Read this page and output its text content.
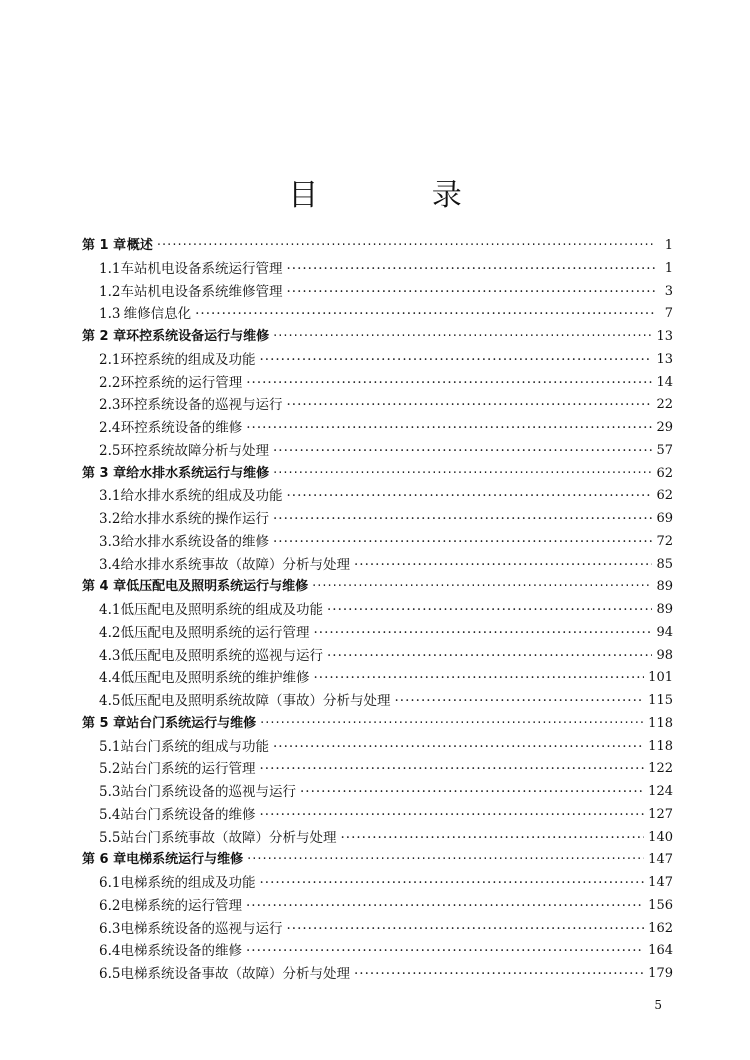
目 录
第 1 章 概述 ·····	1
1.1 车站机电设备系统运行管理 ·····	1
1.2 车站机电设备系统维修管理 ·····	3
1.3 维修信息化 ·····	7
第 2 章 环控系统设备运行与维修 ·····	13
2.1 环控系统的组成及功能 ·····	13
2.2 环控系统的运行管理 ·····	14
2.3 环控系统设备的巡视与运行 ·····	22
2.4 环控系统设备的维修 ·····	29
2.5 环控系统故障分析与处理 ·····	57
第 3 章 给水排水系统运行与维修 ·····	62
3.1 给水排水系统的组成及功能 ·····	62
3.2 给水排水系统的操作运行 ·····	69
3.3 给水排水系统设备的维修 ·····	72
3.4 给水排水系统事故（故障）分析与处理 ·····	85
第 4 章 低压配电及照明系统运行与维修 ·····	89
4.1 低压配电及照明系统的组成及功能 ·····	89
4.2 低压配电及照明系统的运行管理 ·····	94
4.3 低压配电及照明系统的巡视与运行 ·····	98
4.4 低压配电及照明系统的维护维修 ·····	101
4.5 低压配电及照明系统故障（事故）分析与处理 ·····	115
第 5 章 站台门系统运行与维修 ·····	118
5.1 站台门系统的组成与功能 ·····	118
5.2 站台门系统的运行管理 ·····	122
5.3 站台门系统设备的巡视与运行 ·····	124
5.4 站台门系统设备的维修 ·····	127
5.5 站台门系统事故（故障）分析与处理 ·····	140
第 6 章 电梯系统运行与维修 ·····	147
6.1 电梯系统的组成及功能 ·····	147
6.2 电梯系统的运行管理 ·····	156
6.3 电梯系统设备的巡视与运行 ·····	162
6.4 电梯系统设备的维修 ·····	164
6.5 电梯系统设备事故（故障）分析与处理 ·····	179
5
